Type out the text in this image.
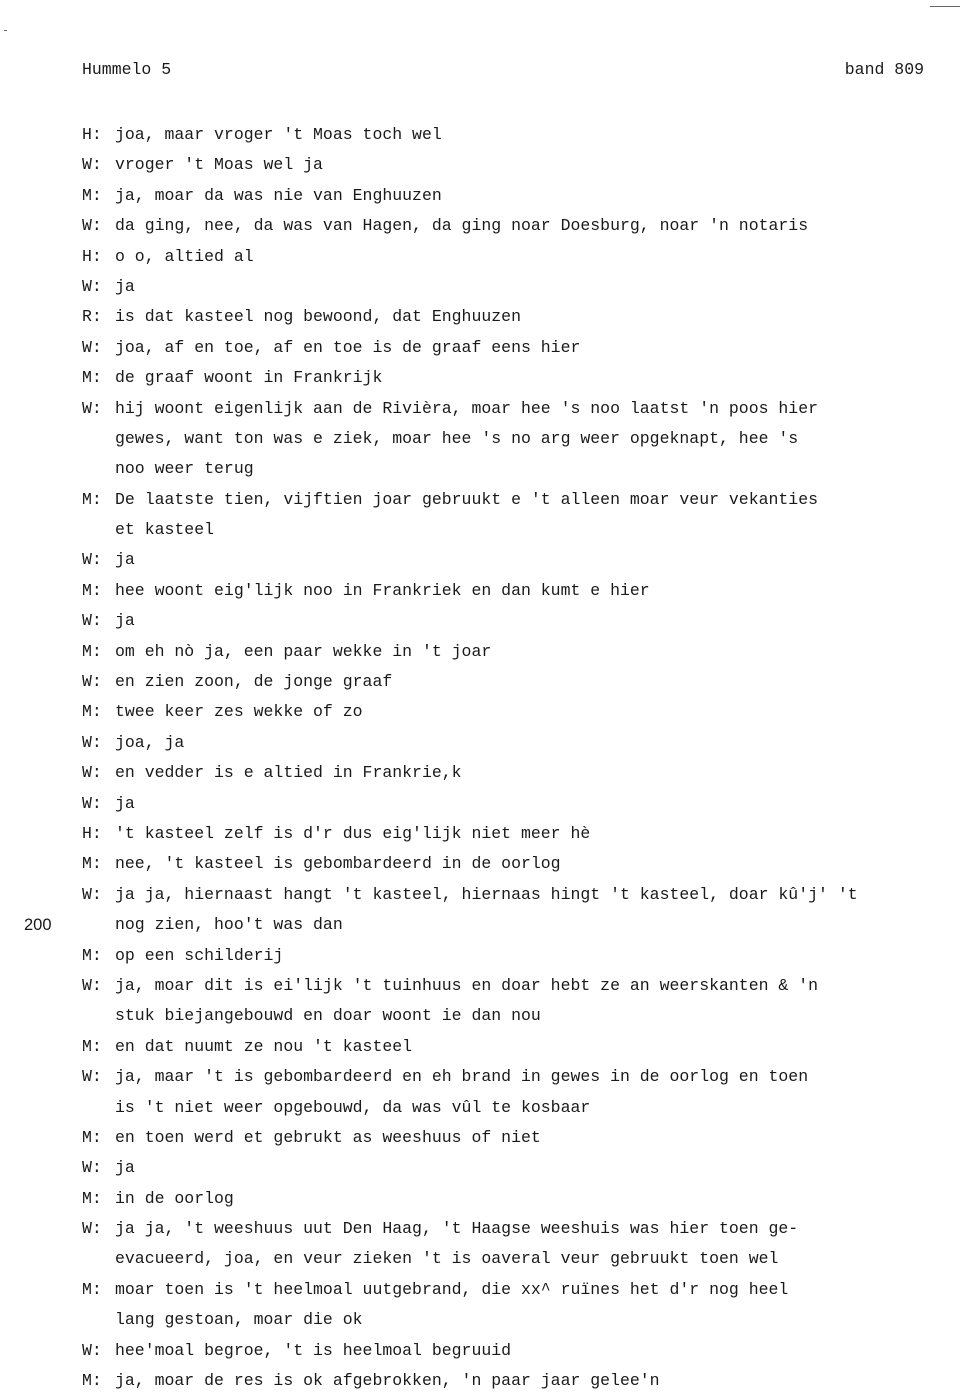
Hummelo 5	band 809
H: joa, maar vroger 't Moas toch wel
W: vroger 't Moas wel ja
M: ja, moar da was nie van Enghuuzen
W: da ging, nee, da was van Hagen, da ging noar Doesburg, noar 'n notaris
H: o o, altied al
W: ja
R: is dat kasteel nog bewoond, dat Enghuuzen
W: joa, af en toe, af en toe is de graaf eens hier
M: de graaf woont in Frankrijk
W: hij woont eigenlijk aan de Rivièra, moar hee 's noo laatst 'n poos hier
gewes, want ton was e ziek, moar hee 's no arg weer opgeknapt, hee 's
noo weer terug
M: De laatste tien, vijftien joar gebruukt e 't alleen moar veur vekanties
et kasteel
W: ja
M: hee woont eig'lijk noo in Frankriek en dan kumt e hier
W: ja
M: om eh nò ja, een paar wekke in 't joar
W: en zien zoon, de jonge graaf
M: twee keer zes wekke of zo
W: joa, ja
W: en vedder is e altied in Frankrie,k
W: ja
H: 't kasteel zelf is d'r dus eig'lijk niet meer hè
M: nee, 't kasteel is gebombardeerd in de oorlog
W: ja ja, hiernaast hangt 't kasteel, hiernaas hingt 't kasteel, doar kû'j' 't
200	nog zien, hoo't was dan
M: op een schilderij
W: ja, moar dit is ei'lijk 't tuinhuus en doar hebt ze an weerskanten & 'n
stuk biejangebouwd en doar woont ie dan nou
M: en dat nuumt ze nou 't kasteel
W: ja, maar 't is gebombardeerd en eh brand in gewes in de oorlog en toen
is 't niet weer opgebouwd, da was vûl te kosbaar
M: en toen werd et gebrukt as weeshuus of niet
W: ja
M: in de oorlog
W: ja ja, 't weeshuus uut Den Haag, 't Haagse weeshuis was hier toen ge-
evacueerd, joa, en veur zieken 't is oaveral veur gebruukt toen wel
M: moar toen is 't heelmoal uutgebrand, die xx^ ruïnes het d'r nog heel
lang gestoan, moar die ok
W: hee'moal begroe, 't is heelmoal begruuid
M: ja, moar de res is ok afgebrokken, 'n paar jaar gelee'n
